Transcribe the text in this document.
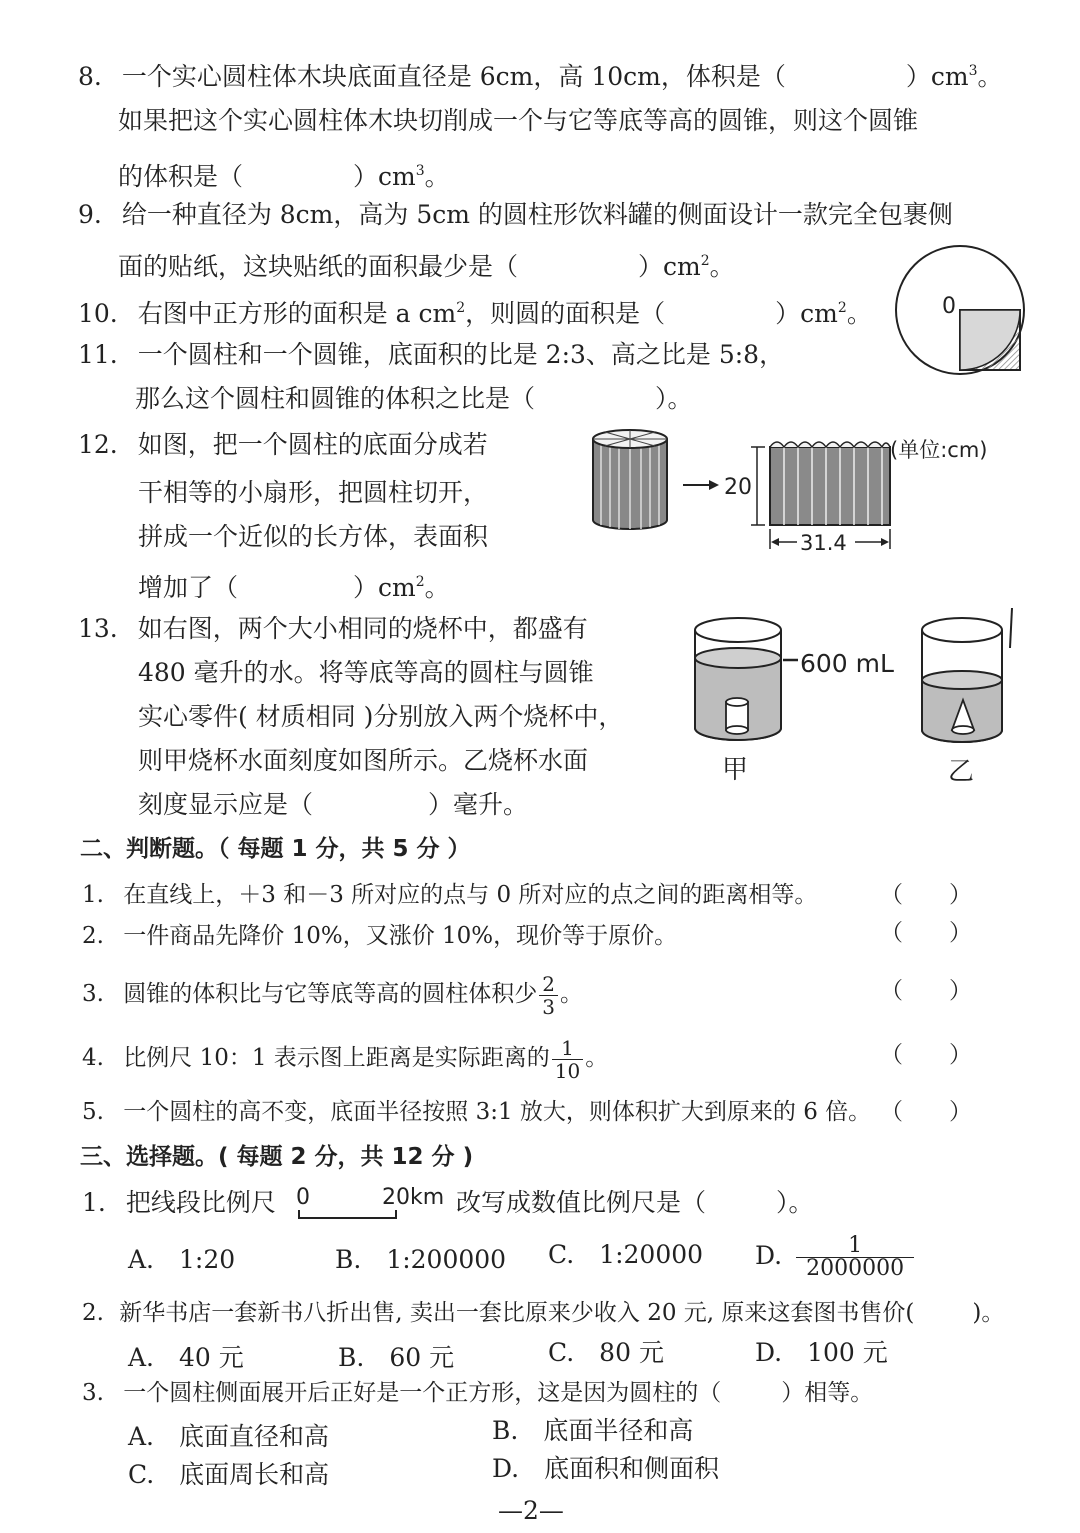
8. 一个实心圆柱体木块底面直径是 6cm，高 10cm，体积是（	）$cm^3$。
如果把这个实心圆柱体木块切削成一个与它等底等高的圆锥，则这个圆锥
的体积是（	）$cm^3$。
9. 给一种直径为 8cm，高为 5cm 的圆柱形饮料罐的侧面设计一款完全包裹侧
面的贴纸，这块贴纸的面积最少是（	）$cm^2$。
10. 右图中正方形的面积是 a $cm^2$，则圆的面积是（	）$cm^2$。	0
11. 一个圆柱和一个圆锥，底面积的比是 2:3、高之比是 5:8，
那么这个圆柱和圆锥的体积之比是（	）。
12. 如图，把一个圆柱的底面分成若
干相等的小扇形，把圆柱切开，
拼成一个近似的长方体，表面积
增加了（	）$cm^2$。
20
(单位:cm)
31.4
13. 如右图，两个大小相同的烧杯中，都盛有
480 毫升的水。将等底等高的圆柱与圆锥
实心零件( 材质相同 )分别放入两个烧杯中，
则甲烧杯水面刻度如图所示。乙烧杯水面
刻度显示应是（	）毫升。
600 mL
甲	乙
二、判断题。（ 每题 1 分，共 5 分 ）
1. 在直线上，＋3 和－3 所对应的点与 0 所对应的点之间的距离相等。	（　　）
2. 一件商品先降价 10%，又涨价 10%，现价等于原价。	（　　）
3. 圆锥的体积比与它等底等高的圆柱体积少 $\frac{2}{3}$ 。	（　　）
4. 比例尺 10：1 表示图上距离是实际距离的 $\frac{1}{10}$ 。	（　　）
5. 一个圆柱的高不变，底面半径按照 3:1 放大，则体积扩大到原来的 6 倍。 （　　）
三、选择题。( 每题 2 分，共 12 分 )
1. 把线段比例尺 0	20km 改写成数值比例尺是（	）。
A.　1:20	B.　1:200000 C.　1:20000 D. $\frac{1}{2000000}$
2. 新华书店一套新书八折出售, 卖出一套比原来少收入 20 元, 原来这套图书售价(	)。
A.　40 元	B.　60 元	C.　80 元	D.　100 元
3. 一个圆柱侧面展开后正好是一个正方形，这是因为圆柱的（	）相等。
A.　底面直径和高	B.　底面半径和高
C.　底面周长和高	D.　底面积和侧面积
—2—
